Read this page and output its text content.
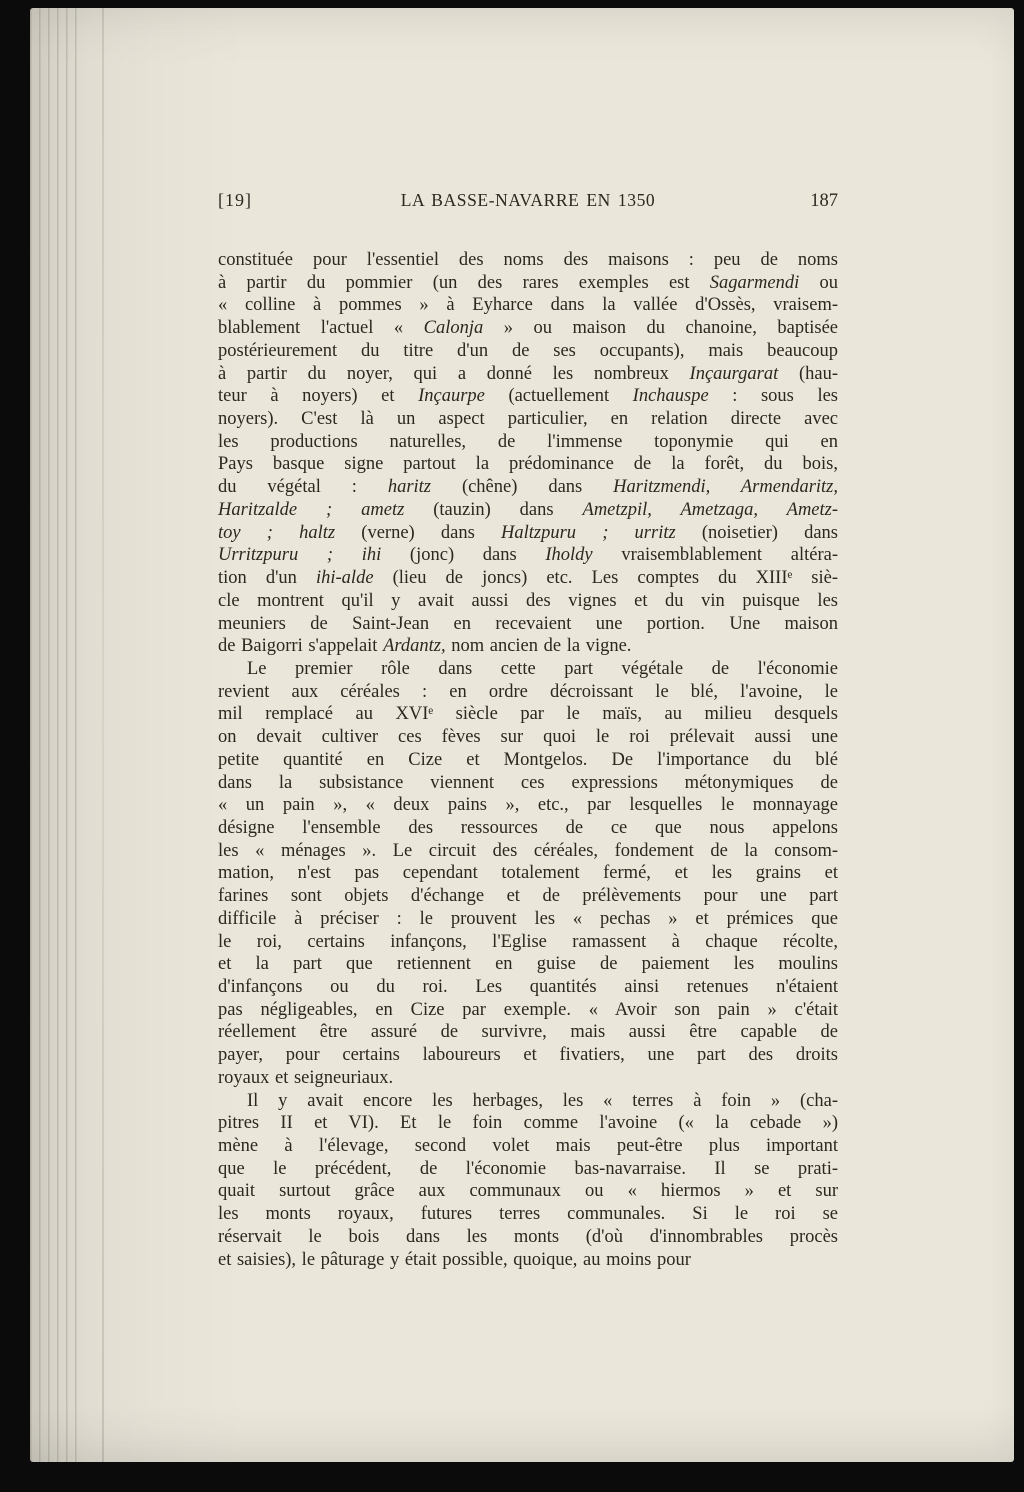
[19]	LA BASSE-NAVARRE EN 1350	187
constituée pour l'essentiel des noms des maisons : peu de noms
à partir du pommier (un des rares exemples est Sagarmendi ou
« colline à pommes » à Eyharce dans la vallée d'Ossès, vraisem-
blablement l'actuel « Calonja » ou maison du chanoine, baptisée
postérieurement du titre d'un de ses occupants), mais beaucoup
à partir du noyer, qui a donné les nombreux Inçaurgarat (hau-
teur à noyers) et Inçaurpe (actuellement Inchauspe : sous les
noyers). C'est là un aspect particulier, en relation directe avec
les productions naturelles, de l'immense toponymie qui en
Pays basque signe partout la prédominance de la forêt, du bois,
du végétal : haritz (chêne) dans Haritzmendi, Armendaritz,
Haritzalde ; ametz (tauzin) dans Ametzpil, Ametzaga, Ametz-
toy ; haltz (verne) dans Haltzpuru ; urritz (noisetier) dans
Urritzpuru ; ihi (jonc) dans Iholdy vraisemblablement altéra-
tion d'un ihi-alde (lieu de joncs) etc. Les comptes du XIIIᵉ siè-
cle montrent qu'il y avait aussi des vignes et du vin puisque les
meuniers de Saint-Jean en recevaient une portion. Une maison
de Baigorri s'appelait Ardantz, nom ancien de la vigne.
Le premier rôle dans cette part végétale de l'économie
revient aux céréales : en ordre décroissant le blé, l'avoine, le
mil remplacé au XVIᵉ siècle par le maïs, au milieu desquels
on devait cultiver ces fèves sur quoi le roi prélevait aussi une
petite quantité en Cize et Montgelos. De l'importance du blé
dans la subsistance viennent ces expressions métonymiques de
« un pain », « deux pains », etc., par lesquelles le monnayage
désigne l'ensemble des ressources de ce que nous appelons
les « ménages ». Le circuit des céréales, fondement de la consom-
mation, n'est pas cependant totalement fermé, et les grains et
farines sont objets d'échange et de prélèvements pour une part
difficile à préciser : le prouvent les « pechas » et prémices que
le roi, certains infançons, l'Eglise ramassent à chaque récolte,
et la part que retiennent en guise de paiement les moulins
d'infançons ou du roi. Les quantités ainsi retenues n'étaient
pas négligeables, en Cize par exemple. « Avoir son pain » c'était
réellement être assuré de survivre, mais aussi être capable de
payer, pour certains laboureurs et fivatiers, une part des droits
royaux et seigneuriaux.
Il y avait encore les herbages, les « terres à foin » (cha-
pitres II et VI). Et le foin comme l'avoine (« la cebade »)
mène à l'élevage, second volet mais peut-être plus important
que le précédent, de l'économie bas-navarraise. Il se prati-
quait surtout grâce aux communaux ou « hiermos » et sur
les monts royaux, futures terres communales. Si le roi se
réservait le bois dans les monts (d'où d'innombrables procès
et saisies), le pâturage y était possible, quoique, au moins pour
